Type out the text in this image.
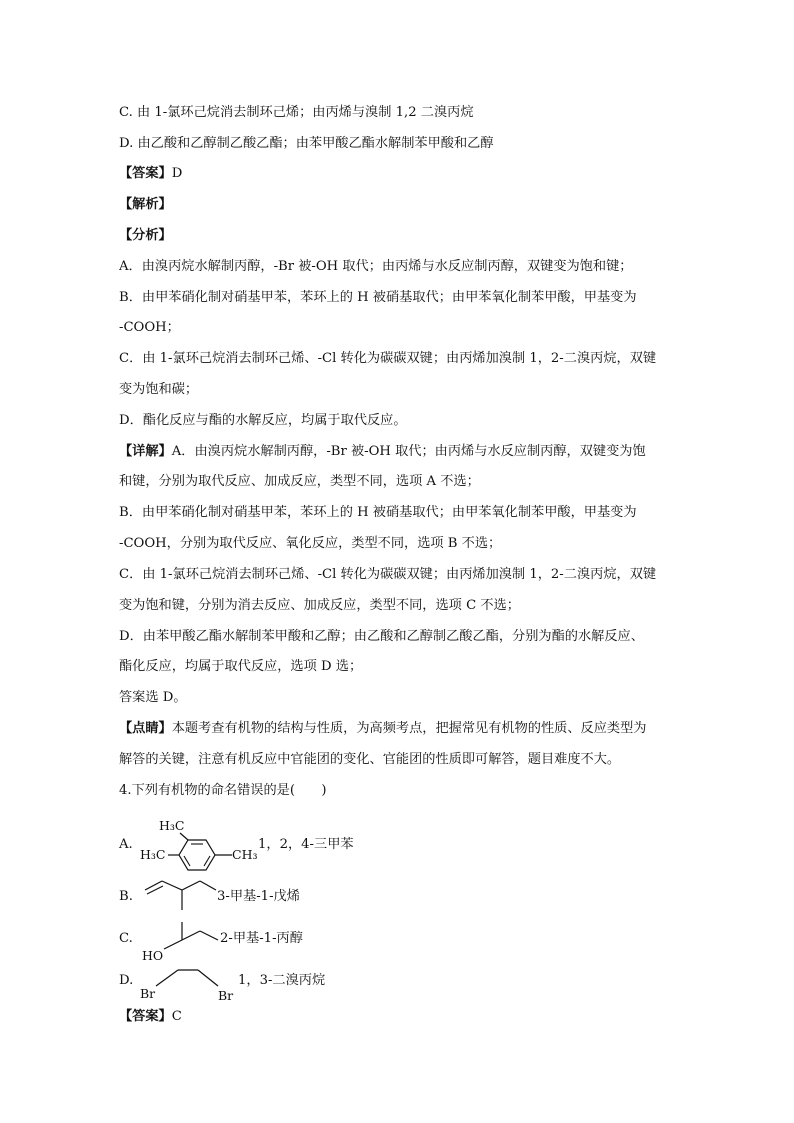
C. 由 1-氯环己烷消去制环己烯；由丙烯与溴制 1,2 二溴丙烷
D. 由乙酸和乙醇制乙酸乙酯；由苯甲酸乙酯水解制苯甲酸和乙醇
【答案】D
【解析】
【分析】
A．由溴丙烷水解制丙醇，-Br 被-OH 取代；由丙烯与水反应制丙醇，双键变为饱和键；
B．由甲苯硝化制对硝基甲苯，苯环上的 H 被硝基取代；由甲苯氧化制苯甲酸，甲基变为
-COOH；
C．由 1-氯环己烷消去制环己烯、-Cl 转化为碳碳双键；由丙烯加溴制 1，2-二溴丙烷，双键
变为饱和碳；
D．酯化反应与酯的水解反应，均属于取代反应。
【详解】A．由溴丙烷水解制丙醇，-Br 被-OH 取代；由丙烯与水反应制丙醇，双键变为饱
和键，分别为取代反应、加成反应，类型不同，选项 A 不选；
B．由甲苯硝化制对硝基甲苯，苯环上的 H 被硝基取代；由甲苯氧化制苯甲酸，甲基变为
-COOH，分别为取代反应、氧化反应，类型不同，选项 B 不选；
C．由 1-氯环己烷消去制环己烯、-Cl 转化为碳碳双键；由丙烯加溴制 1，2-二溴丙烷，双键
变为饱和键，分别为消去反应、加成反应，类型不同，选项 C 不选；
D．由苯甲酸乙酯水解制苯甲酸和乙醇；由乙酸和乙醇制乙酸乙酯，分别为酯的水解反应、
酯化反应，均属于取代反应，选项 D 选；
答案选 D。
【点睛】本题考查有机物的结构与性质，为高频考点，把握常见有机物的性质、反应类型为
解答的关键，注意有机反应中官能团的变化、官能团的性质即可解答，题目难度不大。
4.下列有机物的命名错误的是(　　)
A.
H₃C
H₃C	CH₃
1，2，4-三甲苯
B.	3-甲基-1-戊烯
C.
HO
2-甲基-1-丙醇
D.
Br	Br
1，3-二溴丙烷
【答案】C
